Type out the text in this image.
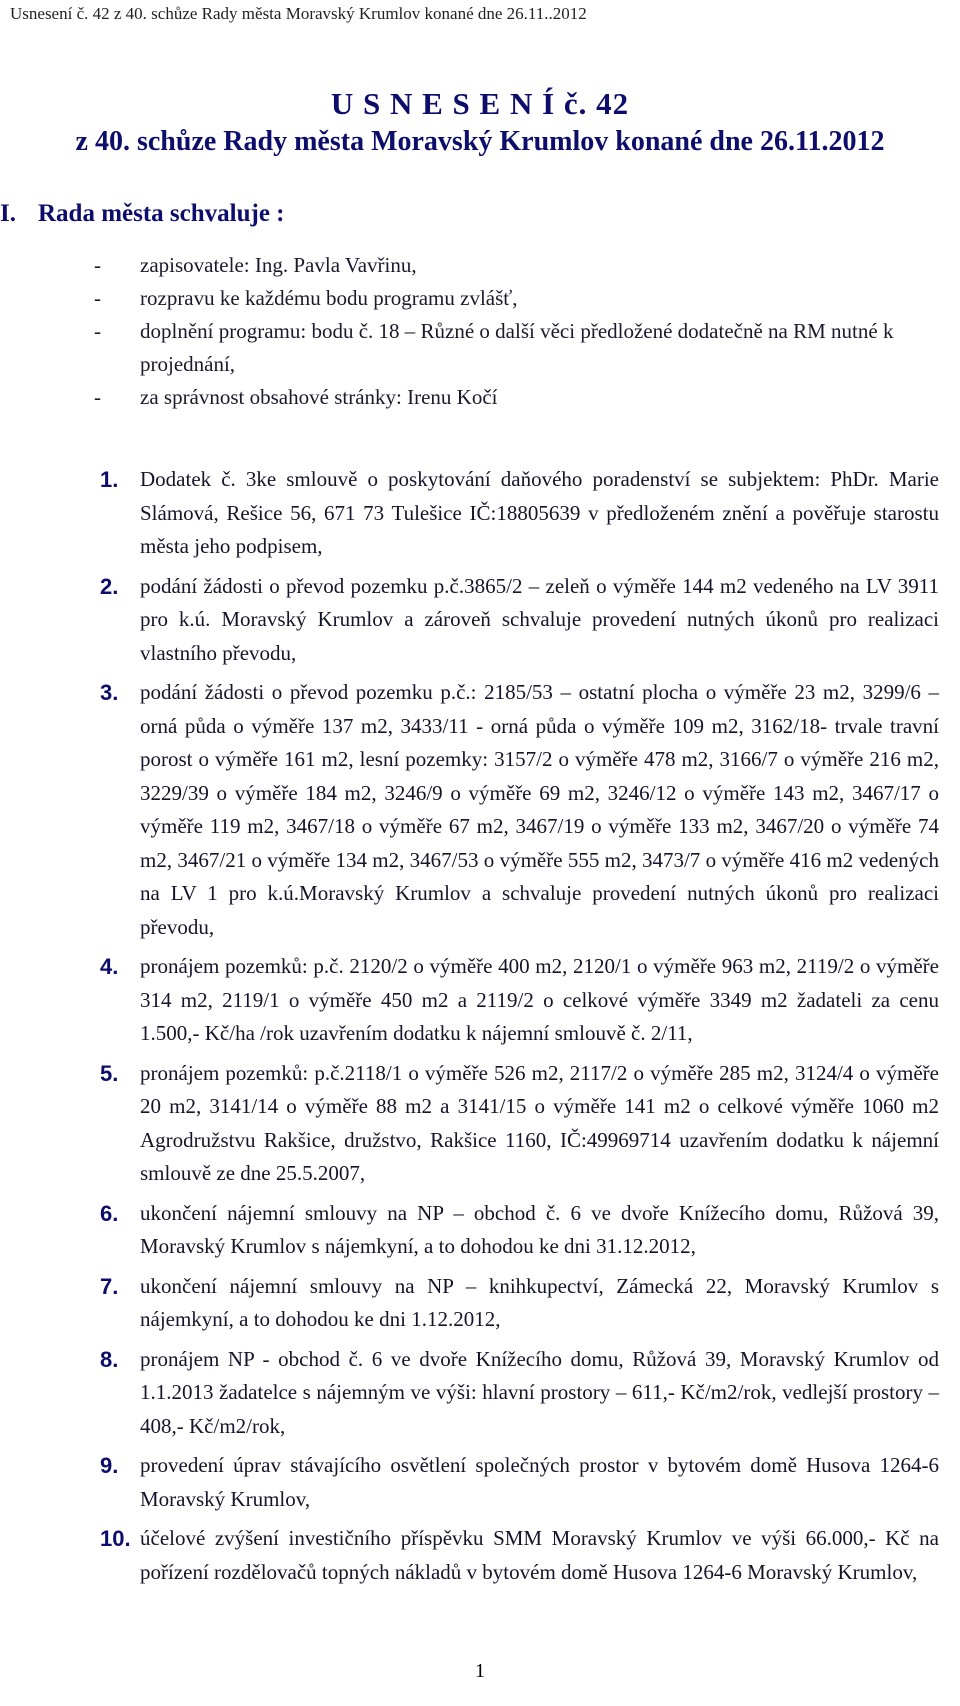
Usnesení č. 42 z 40. schůze Rady města Moravský Krumlov konané dne 26.11..2012
U S N E S E N Í č. 42
z 40. schůze Rady města Moravský Krumlov konané dne 26.11.2012
I. Rada města schvaluje :
- zapisovatele: Ing. Pavla Vavřinu,
- rozpravu ke každému bodu programu zvlášť,
- doplnění programu: bodu č. 18 – Různé o další věci předložené dodatečně na RM nutné k projednání,
- za správnost obsahové stránky: Irenu Kočí
1. Dodatek č. 3ke smlouvě o poskytování daňového poradenství se subjektem: PhDr. Marie Slámová, Rešice 56, 671 73 Tulešice IČ:18805639 v předloženém znění a pověřuje starostu města jeho podpisem,
2. podání žádosti o převod pozemku p.č.3865/2 – zeleň o výměře 144 m2 vedeného na LV 3911 pro k.ú. Moravský Krumlov a zároveň schvaluje provedení nutných úkonů pro realizaci vlastního převodu,
3. podání žádosti o převod pozemku p.č.: 2185/53 – ostatní plocha o výměře 23 m2, 3299/6 – orná půda o výměře 137 m2, 3433/11 - orná půda o výměře 109 m2, 3162/18- trvale travní porost o výměře 161 m2, lesní pozemky: 3157/2 o výměře 478 m2, 3166/7 o výměře 216 m2, 3229/39 o výměře 184 m2, 3246/9 o výměře 69 m2, 3246/12 o výměře 143 m2, 3467/17 o výměře 119 m2, 3467/18 o výměře 67 m2, 3467/19 o výměře 133 m2, 3467/20 o výměře 74 m2, 3467/21 o výměře 134 m2, 3467/53 o výměře 555 m2, 3473/7 o výměře 416 m2 vedených na LV 1 pro k.ú.Moravský Krumlov a schvaluje provedení nutných úkonů pro realizaci převodu,
4. pronájem pozemků: p.č. 2120/2 o výměře 400 m2, 2120/1 o výměře 963 m2, 2119/2 o výměře 314 m2, 2119/1 o výměře 450 m2 a 2119/2 o celkové výměře 3349 m2 žadateli za cenu 1.500,- Kč/ha /rok uzavřením dodatku k nájemní smlouvě č. 2/11,
5. pronájem pozemků: p.č.2118/1 o výměře 526 m2, 2117/2 o výměře 285 m2, 3124/4 o výměře 20 m2, 3141/14 o výměře 88 m2 a 3141/15 o výměře 141 m2 o celkové výměře 1060 m2 Agrodružstvu Rakšice, družstvo, Rakšice 1160, IČ:49969714 uzavřením dodatku k nájemní smlouvě ze dne 25.5.2007,
6. ukončení nájemní smlouvy na NP – obchod č. 6 ve dvoře Knížecího domu, Růžová 39, Moravský Krumlov s nájemkyní, a to dohodou ke dni 31.12.2012,
7. ukončení nájemní smlouvy na NP – knihkupectví, Zámecká 22, Moravský Krumlov s nájemkyní, a to dohodou ke dni 1.12.2012,
8. pronájem NP - obchod č. 6 ve dvoře Knížecího domu, Růžová 39, Moravský Krumlov od 1.1.2013 žadatelce s nájemným ve výši: hlavní prostory – 611,- Kč/m2/rok, vedlejší prostory – 408,- Kč/m2/rok,
9. provedení úprav stávajícího osvětlení společných prostor v bytovém domě Husova 1264-6 Moravský Krumlov,
10. účelové zvýšení investičního příspěvku SMM Moravský Krumlov ve výši 66.000,- Kč na pořízení rozdělovačů topných nákladů v bytovém domě Husova 1264-6 Moravský Krumlov,
1
